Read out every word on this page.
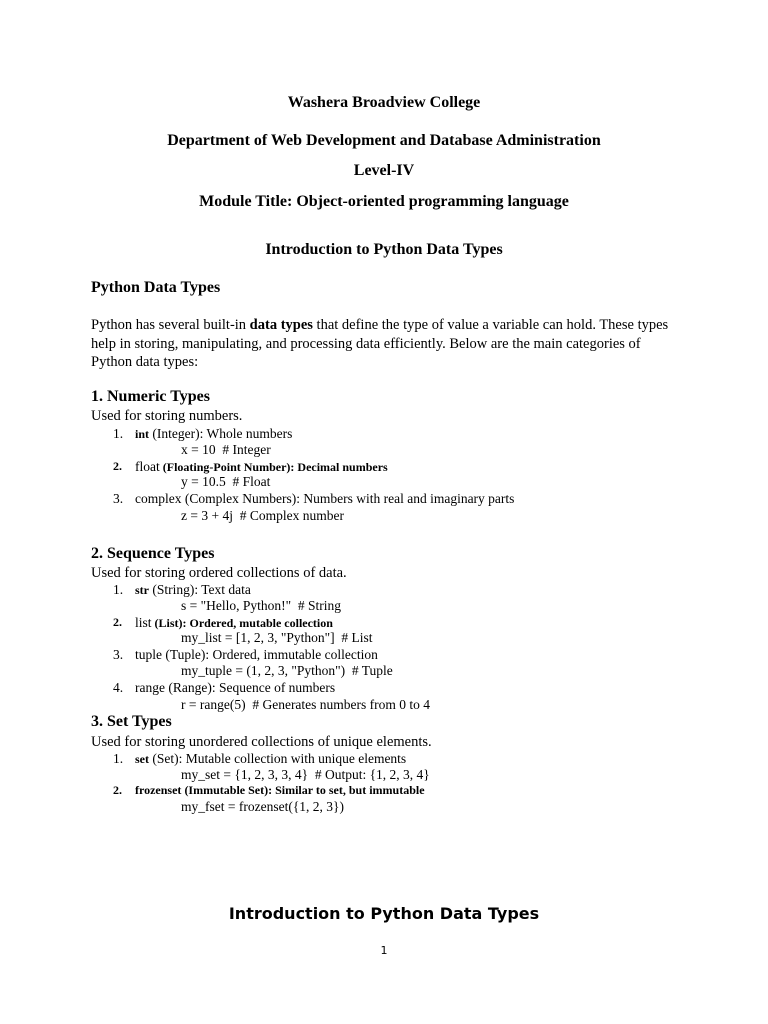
Washera Broadview College
Department of Web Development and Database Administration
Level-IV
Module Title: Object-oriented programming language
Introduction to Python Data Types
Python Data Types
Python has several built-in data types that define the type of value a variable can hold. These types help in storing, manipulating, and processing data efficiently. Below are the main categories of Python data types:
1. Numeric Types
Used for storing numbers.
1. int (Integer): Whole numbers
x = 10  # Integer
2. float (Floating-Point Number): Decimal numbers
y = 10.5  # Float
3. complex (Complex Numbers): Numbers with real and imaginary parts
z = 3 + 4j  # Complex number
2. Sequence Types
Used for storing ordered collections of data.
1. str (String): Text data
s = "Hello, Python!"  # String
2. list (List): Ordered, mutable collection
my_list = [1, 2, 3, "Python"]  # List
3. tuple (Tuple): Ordered, immutable collection
my_tuple = (1, 2, 3, "Python")  # Tuple
4. range (Range): Sequence of numbers
r = range(5)  # Generates numbers from 0 to 4
3. Set Types
Used for storing unordered collections of unique elements.
1. set (Set): Mutable collection with unique elements
my_set = {1, 2, 3, 3, 4}  # Output: {1, 2, 3, 4}
2.	frozenset (Immutable Set): Similar to set, but immutable
my_fset = frozenset({1, 2, 3})
Introduction to Python Data Types
1
